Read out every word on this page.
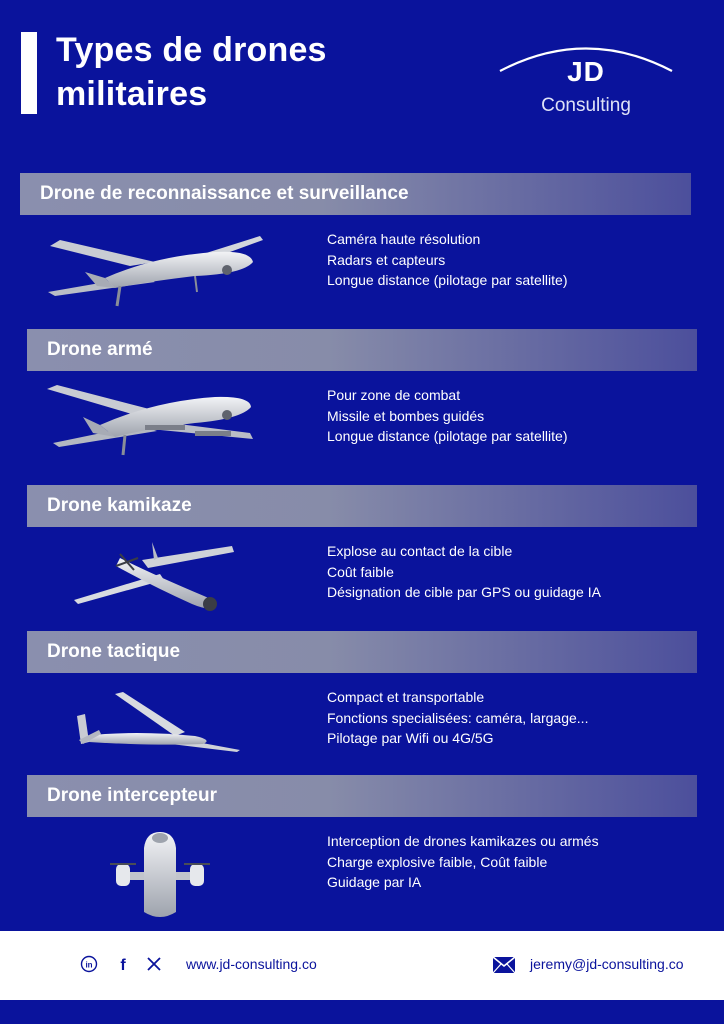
Types de drones
militaires
JD
Consulting
Drone de reconnaissance et surveillance
Caméra haute résolution
Radars et capteurs
Longue distance (pilotage par satellite)
Drone armé
Pour zone de combat
Missile et bombes guidés
Longue distance (pilotage par satellite)
Drone kamikaze
Explose au contact de la cible
Coût faible
Désignation de cible par GPS ou guidage IA
Drone tactique
Compact et transportable
Fonctions specialisées: caméra, largage...
Pilotage par Wifi ou 4G/5G
Drone intercepteur
Interception de drones kamikazes ou armés
Charge explosive faible, Coût faible
Guidage par IA
in f	www.jd-consulting.co	jeremy@jd-consulting.co
